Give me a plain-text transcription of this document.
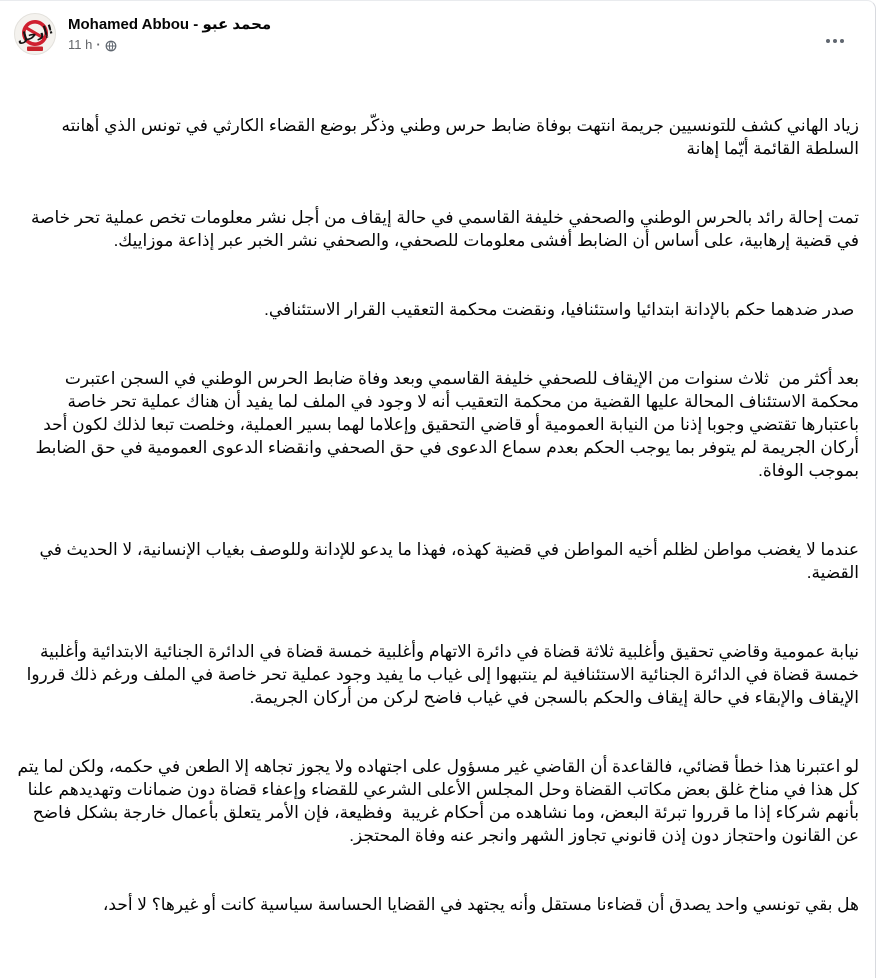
إرحل! Mohamed Abbou - محمد عبو
11 h ·

زياد الهاني كشف للتونسيين جريمة انتهت بوفاة ضابط حرس وطني وذكّر بوضع القضاء الكارثي في تونس الذي أهانته السلطة القائمة أيّما إهانة

تمت إحالة رائد بالحرس الوطني والصحفي خليفة القاسمي في حالة إيقاف من أجل نشر معلومات تخص عملية تحر خاصة في قضية إرهابية، على أساس أن الضابط أفشى معلومات للصحفي، والصحفي نشر الخبر عبر إذاعة موزاييك.

صدر ضدهما حكم بالإدانة ابتدائيا واستئنافيا، ونقضت محكمة التعقيب القرار الاستئنافي.

بعد أكثر من  ثلاث سنوات من الإيقاف للصحفي خليفة القاسمي وبعد وفاة ضابط الحرس الوطني في السجن اعتبرت محكمة الاستئناف المحالة عليها القضية من محكمة التعقيب أنه لا وجود في الملف لما يفيد أن هناك عملية تحر خاصة باعتبارها تقتضي وجوبا إذنا من النيابة العمومية أو قاضي التحقيق وإعلاما لهما بسير العملية، وخلصت تبعا لذلك لكون أحد أركان الجريمة لم يتوفر بما يوجب الحكم بعدم سماع الدعوى في حق الصحفي وانقضاء الدعوى العمومية في حق الضابط بموجب الوفاة.

عندما لا يغضب مواطن لظلم أخيه المواطن في قضية كهذه، فهذا ما يدعو للإدانة وللوصف بغياب الإنسانية، لا الحديث في القضية.

نيابة عمومية وقاضي تحقيق وأغلبية ثلاثة قضاة في دائرة الاتهام وأغلبية خمسة قضاة في الدائرة الجنائية الابتدائية وأغلبية خمسة قضاة في الدائرة الجنائية الاستئنافية لم ينتبهوا إلى غياب ما يفيد وجود عملية تحر خاصة في الملف ورغم ذلك قرروا الإيقاف والإبقاء في حالة إيقاف والحكم بالسجن في غياب فاضح لركن من أركان الجريمة.

لو اعتبرنا هذا خطأ قضائي، فالقاعدة أن القاضي غير مسؤول على اجتهاده ولا يجوز تجاهه إلا الطعن في حكمه، ولكن لما يتم كل هذا في مناخ غلق بعض مكاتب القضاة وحل المجلس الأعلى الشرعي للقضاء وإعفاء قضاة دون ضمانات وتهديدهم علنا بأنهم شركاء إذا ما قرروا تبرئة البعض، وما نشاهده من أحكام غريبة  وفظيعة، فإن الأمر يتعلق بأعمال خارجة بشكل فاضح عن القانون واحتجاز دون إذن قانوني تجاوز الشهر وانجر عنه وفاة المحتجز.

هل بقي تونسي واحد يصدق أن قضاءنا مستقل وأنه يجتهد في القضايا الحساسة سياسية كانت أو غيرها؟ لا أحد،
